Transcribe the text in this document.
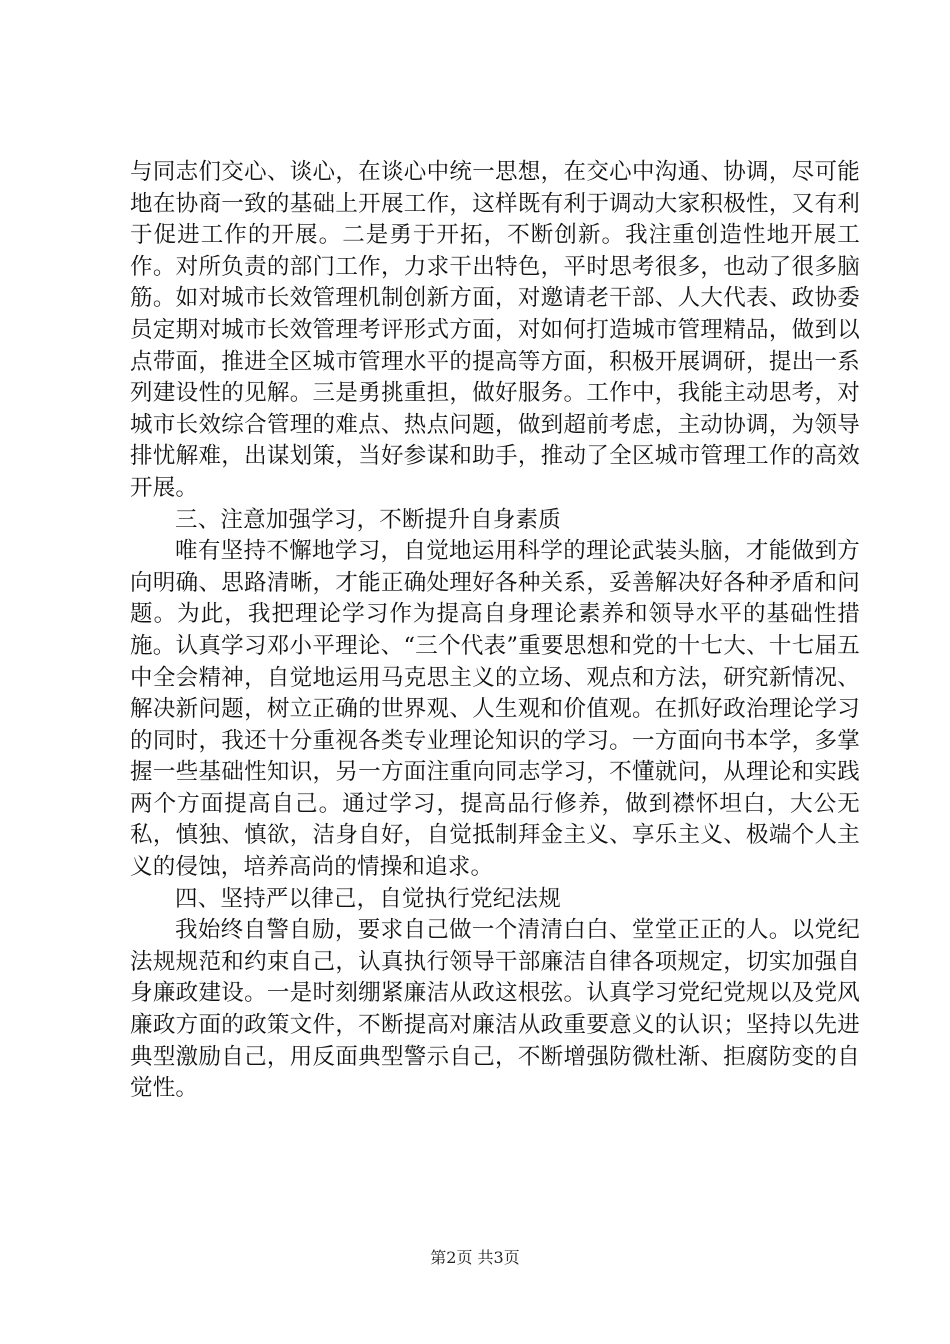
与同志们交心、谈心，在谈心中统一思想，在交心中沟通、协调，尽可能地在协商一致的基础上开展工作，这样既有利于调动大家积极性，又有利于促进工作的开展。二是勇于开拓，不断创新。我注重创造性地开展工作。对所负责的部门工作，力求干出特色，平时思考很多，也动了很多脑筋。如对城市长效管理机制创新方面，对邀请老干部、人大代表、政协委员定期对城市长效管理考评形式方面，对如何打造城市管理精品，做到以点带面，推进全区城市管理水平的提高等方面，积极开展调研，提出一系列建设性的见解。三是勇挑重担，做好服务。工作中，我能主动思考，对城市长效综合管理的难点、热点问题，做到超前考虑，主动协调，为领导排忧解难，出谋划策，当好参谋和助手，推动了全区城市管理工作的高效开展。

三、注意加强学习，不断提升自身素质

唯有坚持不懈地学习，自觉地运用科学的理论武装头脑，才能做到方向明确、思路清晰，才能正确处理好各种关系，妥善解决好各种矛盾和问题。为此，我把理论学习作为提高自身理论素养和领导水平的基础性措施。认真学习邓小平理论、“三个代表”重要思想和党的十七大、十七届五中全会精神，自觉地运用马克思主义的立场、观点和方法，研究新情况、解决新问题，树立正确的世界观、人生观和价值观。在抓好政治理论学习的同时，我还十分重视各类专业理论知识的学习。一方面向书本学，多掌握一些基础性知识，另一方面注重向同志学习，不懂就问，从理论和实践两个方面提高自己。通过学习，提高品行修养，做到襟怀坦白，大公无私，慎独、慎欲，洁身自好，自觉抵制拜金主义、享乐主义、极端个人主义的侵蚀，培养高尚的情操和追求。

四、坚持严以律己，自觉执行党纪法规

我始终自警自励，要求自己做一个清清白白、堂堂正正的人。以党纪法规规范和约束自己，认真执行领导干部廉洁自律各项规定，切实加强自身廉政建设。一是时刻绷紧廉洁从政这根弦。认真学习党纪党规以及党风廉政方面的政策文件，不断提高对廉洁从政重要意义的认识；坚持以先进典型激励自己，用反面典型警示自己，不断增强防微杜渐、拒腐防变的自觉性。

第2页 共3页
